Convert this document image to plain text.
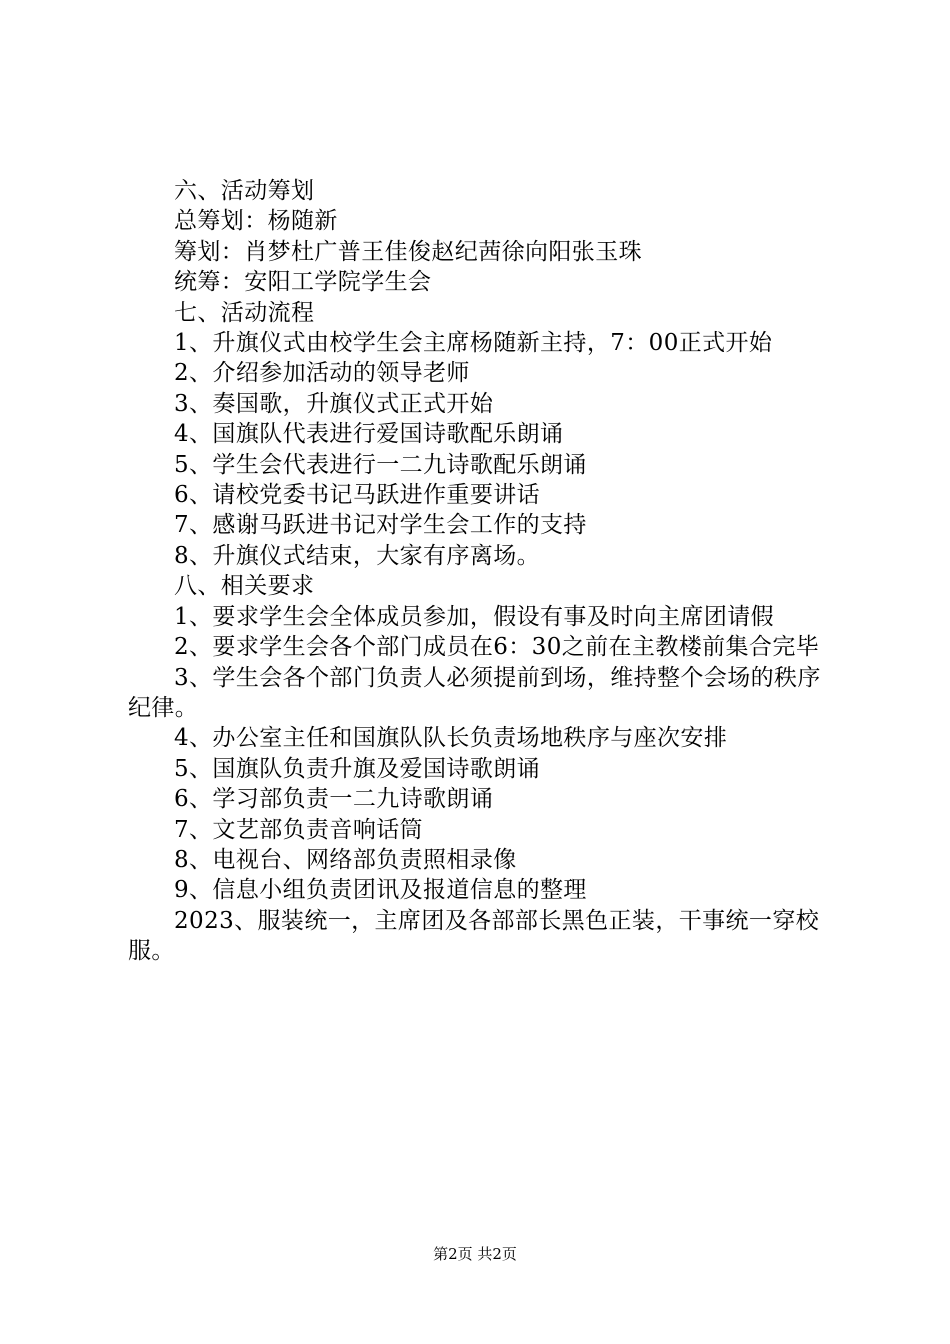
六、活动筹划

总筹划：杨随新

筹划：肖梦杜广普王佳俊赵纪茜徐向阳张玉珠

统筹：安阳工学院学生会

七、活动流程

1、升旗仪式由校学生会主席杨随新主持，7：00正式开始

2、介绍参加活动的领导老师

3、奏国歌，升旗仪式正式开始

4、国旗队代表进行爱国诗歌配乐朗诵

5、学生会代表进行一二九诗歌配乐朗诵

6、请校党委书记马跃进作重要讲话

7、感谢马跃进书记对学生会工作的支持

8、升旗仪式结束，大家有序离场。

八、相关要求

1、要求学生会全体成员参加，假设有事及时向主席团请假

2、要求学生会各个部门成员在6：30之前在主教楼前集合完毕

3、学生会各个部门负责人必须提前到场，维持整个会场的秩序纪律。

4、办公室主任和国旗队队长负责场地秩序与座次安排

5、国旗队负责升旗及爱国诗歌朗诵

6、学习部负责一二九诗歌朗诵

7、文艺部负责音响话筒

8、电视台、网络部负责照相录像

9、信息小组负责团讯及报道信息的整理

2023、服装统一，主席团及各部部长黑色正装，干事统一穿校服。

第2页 共2页
